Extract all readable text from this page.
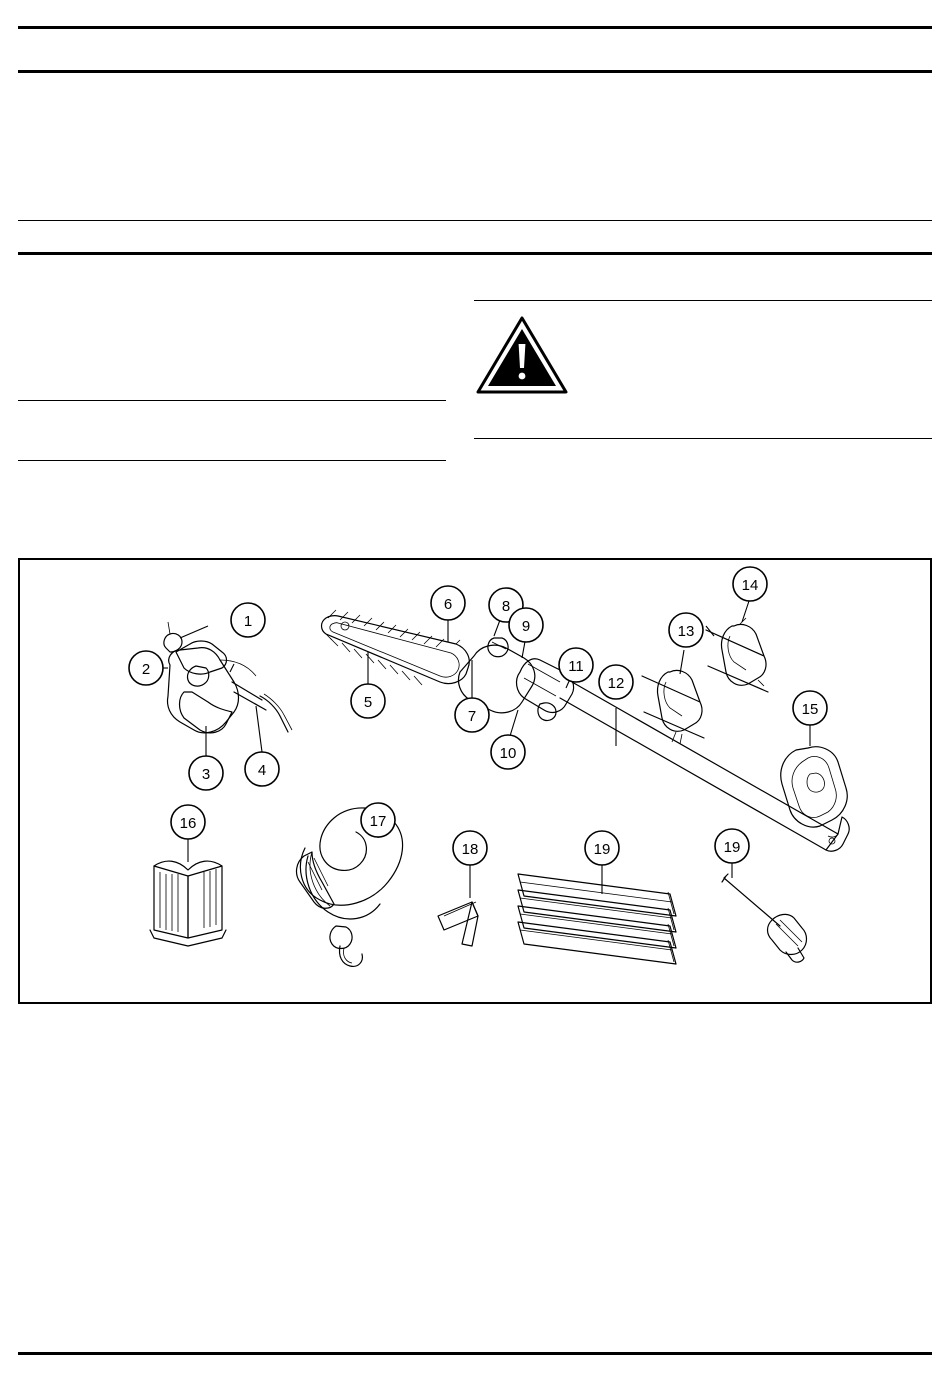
1
2
3	4
5
6
7
8
9
10
11
12
13
14
15
16	17
18	19	19
